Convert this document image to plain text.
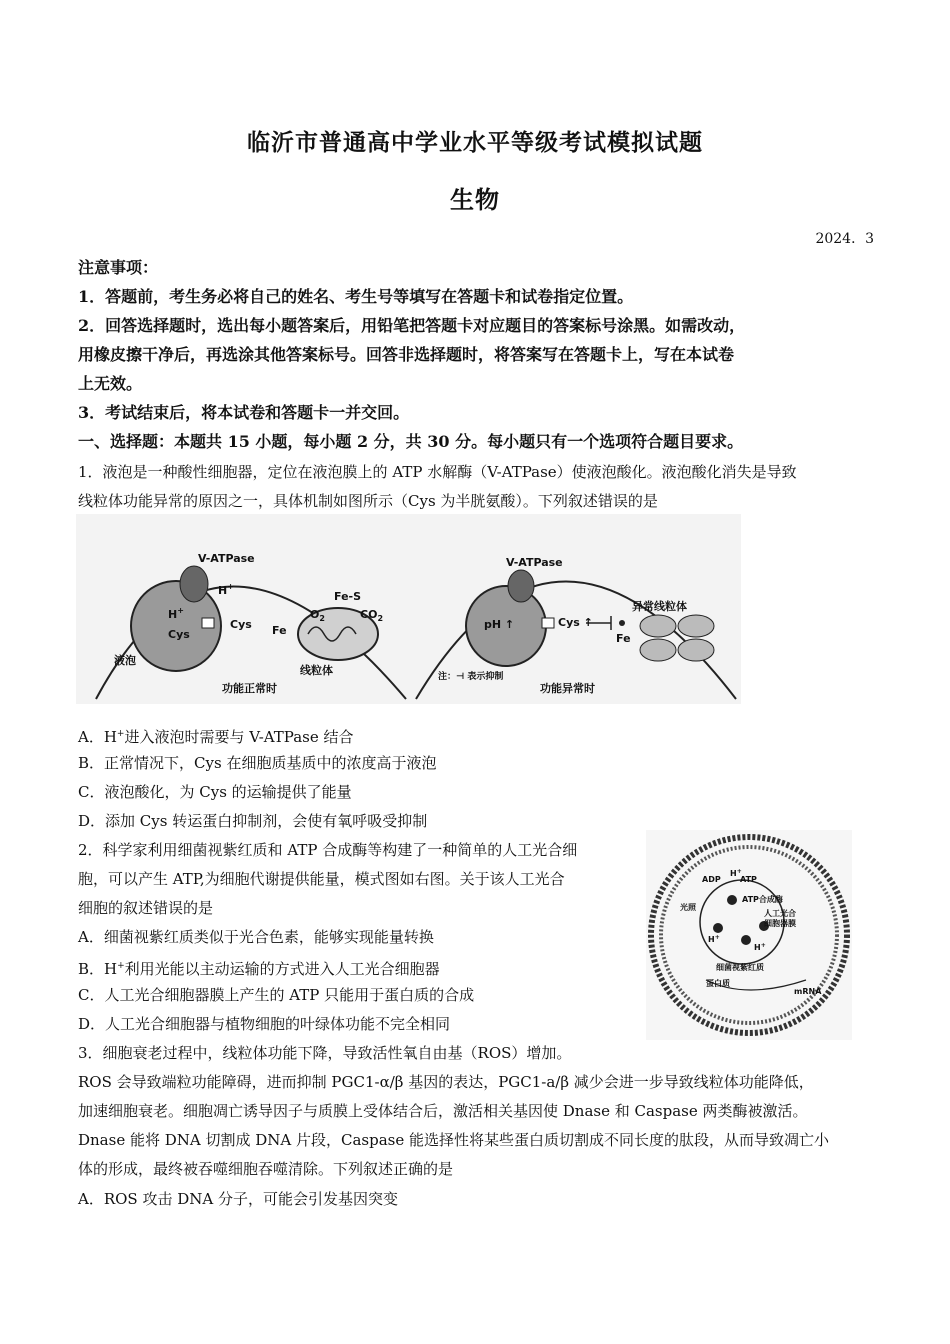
临沂市普通高中学业水平等级考试模拟试题
生物
2024．3
注意事项：
1．答题前，考生务必将自己的姓名、考生号等填写在答题卡和试卷指定位置。
2．回答选择题时，选出每小题答案后，用铅笔把答题卡对应题目的答案标号涂黑。如需改动，
用橡皮擦干净后，再选涂其他答案标号。回答非选择题时，将答案写在答题卡上，写在本试卷
上无效。
3．考试结束后，将本试卷和答题卡一并交回。
一、选择题：本题共 15 小题，每小题 2 分，共 30 分。每小题只有一个选项符合题目要求。
1．液泡是一种酸性细胞器，定位在液泡膜上的 ATP 水解酶（V-ATPase）使液泡酸化。液泡酸化消失是导致
线粒体功能异常的原因之一，具体机制如图所示（Cys 为半胱氨酸）。下列叙述错误的是
V-ATPase
H+
H+
Cys
Cys
液泡
Fe-S
$O_2$	$CO_2$
Fe
线粒体
功能正常时
V-ATPase
pH ↑	Cys ↑
Fe
异常线粒体
注：⊣ 表示抑制
功能异常时
A．H+进入液泡时需要与 V-ATPase 结合
B．正常情况下，Cys 在细胞质基质中的浓度高于液泡
C．液泡酸化，为 Cys 的运输提供了能量
D．添加 Cys 转运蛋白抑制剂，会使有氧呼吸受抑制
2．科学家利用细菌视紫红质和 ATP 合成酶等构建了一种简单的人工光合细
胞，可以产生 ATP,为细胞代谢提供能量，模式图如右图。关于该人工光合
细胞的叙述错误的是
A．细菌视紫红质类似于光合色素，能够实现能量转换
B．H+利用光能以主动运输的方式进入人工光合细胞器
C．人工光合细胞器膜上产生的 ATP 只能用于蛋白质的合成
D．人工光合细胞器与植物细胞的叶绿体功能不完全相同
ADP ATP
光照
ATP合成酶
人工光合
细胞器膜
细菌视紫红质
蛋白质
mRNA
H+
H+
H+
3．细胞衰老过程中，线粒体功能下降，导致活性氧自由基（ROS）增加。
ROS 会导致端粒功能障碍，进而抑制 PGC1-α/β 基因的表达，PGC1-a/β 减少会进一步导致线粒体功能降低，
加速细胞衰老。细胞凋亡诱导因子与质膜上受体结合后，激活相关基因使 Dnase 和 Caspase 两类酶被激活。
Dnase 能将 DNA 切割成 DNA 片段，Caspase 能选择性将某些蛋白质切割成不同长度的肽段，从而导致凋亡小
体的形成，最终被吞噬细胞吞噬清除。下列叙述正确的是
A．ROS 攻击 DNA 分子，可能会引发基因突变
